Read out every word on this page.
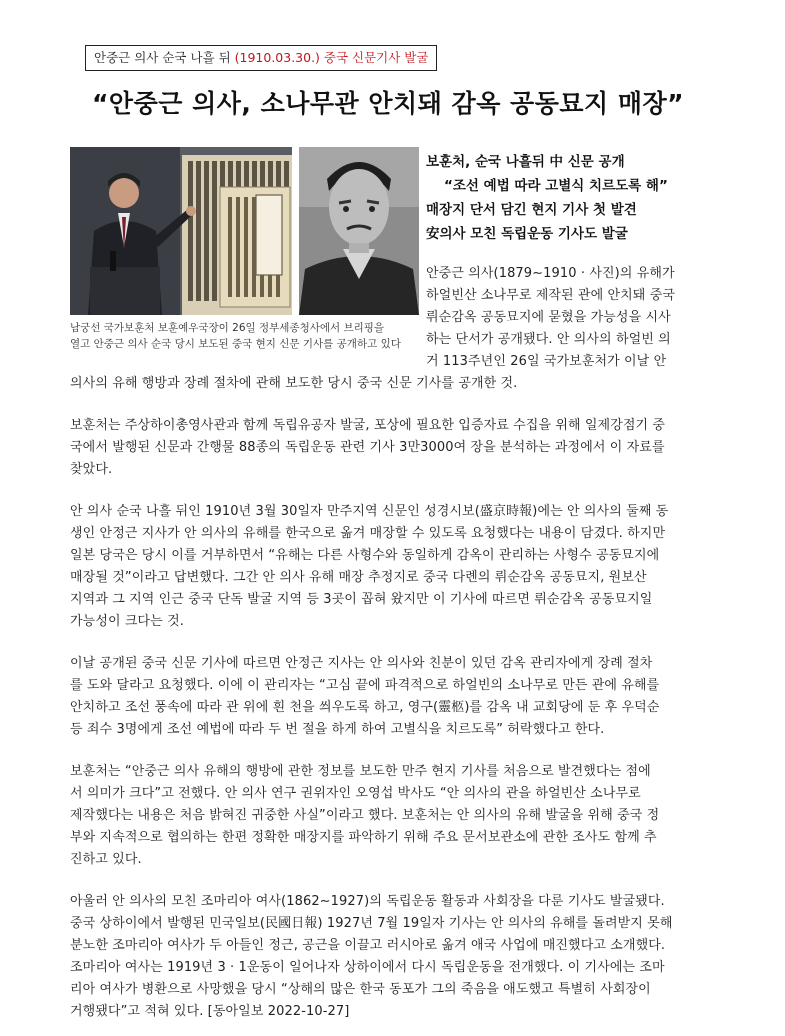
안중근 의사 순국 나흘 뒤 (1910.03.30.) 중국 신문기사 발굴
“안중근 의사, 소나무관 안치돼 감옥 공동묘지 매장”
남궁선 국가보훈처 보훈예우국장이 26일 정부세종청사에서 브리핑을
열고 안중근 의사 순국 당시 보도된 중국 현지 신문 기사를 공개하고 있다
보훈처, 순국 나흘뒤 中 신문 공개
“조선 예법 따라 고별식 치르도록 해”
매장지 단서 담긴 현지 기사 첫 발견
安의사 모친 독립운동 기사도 발굴
안중근 의사(1879∼1910 · 사진)의 유해가
하얼빈산 소나무로 제작된 관에 안치돼 중국
뤼순감옥 공동묘지에 묻혔을 가능성을 시사
하는 단서가 공개됐다. 안 의사의 하얼빈 의
거 113주년인 26일 국가보훈처가 이날 안
의사의 유해 행방과 장례 절차에 관해 보도한 당시 중국 신문 기사를 공개한 것.
보훈처는 주상하이총영사관과 함께 독립유공자 발굴, 포상에 필요한 입증자료 수집을 위해 일제강점기 중
국에서 발행된 신문과 간행물 88종의 독립운동 관련 기사 3만3000여 장을 분석하는 과정에서 이 자료를
찾았다.
안 의사 순국 나흘 뒤인 1910년 3월 30일자 만주지역 신문인 성경시보(盛京時報)에는 안 의사의 둘째 동
생인 안정근 지사가 안 의사의 유해를 한국으로 옮겨 매장할 수 있도록 요청했다는 내용이 담겼다. 하지만
일본 당국은 당시 이를 거부하면서 “유해는 다른 사형수와 동일하게 감옥이 관리하는 사형수 공동묘지에
매장될 것”이라고 답변했다. 그간 안 의사 유해 매장 추정지로 중국 다롄의 뤼순감옥 공동묘지, 원보산
지역과 그 지역 인근 중국 단독 발굴 지역 등 3곳이 꼽혀 왔지만 이 기사에 따르면 뤼순감옥 공동묘지일
가능성이 크다는 것.
이날 공개된 중국 신문 기사에 따르면 안정근 지사는 안 의사와 친분이 있던 감옥 관리자에게 장례 절차
를 도와 달라고 요청했다. 이에 이 관리자는 “고심 끝에 파격적으로 하얼빈의 소나무로 만든 관에 유해를
안치하고 조선 풍속에 따라 관 위에 흰 천을 씌우도록 하고, 영구(靈柩)를 감옥 내 교회당에 둔 후 우덕순
등 죄수 3명에게 조선 예법에 따라 두 번 절을 하게 하여 고별식을 치르도록” 허락했다고 한다.
보훈처는 “안중근 의사 유해의 행방에 관한 정보를 보도한 만주 현지 기사를 처음으로 발견했다는 점에
서 의미가 크다”고 전했다. 안 의사 연구 권위자인 오영섭 박사도 “안 의사의 관을 하얼빈산 소나무로
제작했다는 내용은 처음 밝혀진 귀중한 사실”이라고 했다. 보훈처는 안 의사의 유해 발굴을 위해 중국 정
부와 지속적으로 협의하는 한편 정확한 매장지를 파악하기 위해 주요 문서보관소에 관한 조사도 함께 추
진하고 있다.
아울러 안 의사의 모친 조마리아 여사(1862∼1927)의 독립운동 활동과 사회장을 다룬 기사도 발굴됐다.
중국 상하이에서 발행된 민국일보(民國日報) 1927년 7월 19일자 기사는 안 의사의 유해를 돌려받지 못해
분노한 조마리아 여사가 두 아들인 정근, 공근을 이끌고 러시아로 옮겨 애국 사업에 매진했다고 소개했다.
조마리아 여사는 1919년 3 · 1운동이 일어나자 상하이에서 다시 독립운동을 전개했다. 이 기사에는 조마
리아 여사가 병환으로 사망했을 당시 “상해의 많은 한국 동포가 그의 죽음을 애도했고 특별히 사회장이
거행됐다”고 적혀 있다. [동아일보 2022-10-27]
